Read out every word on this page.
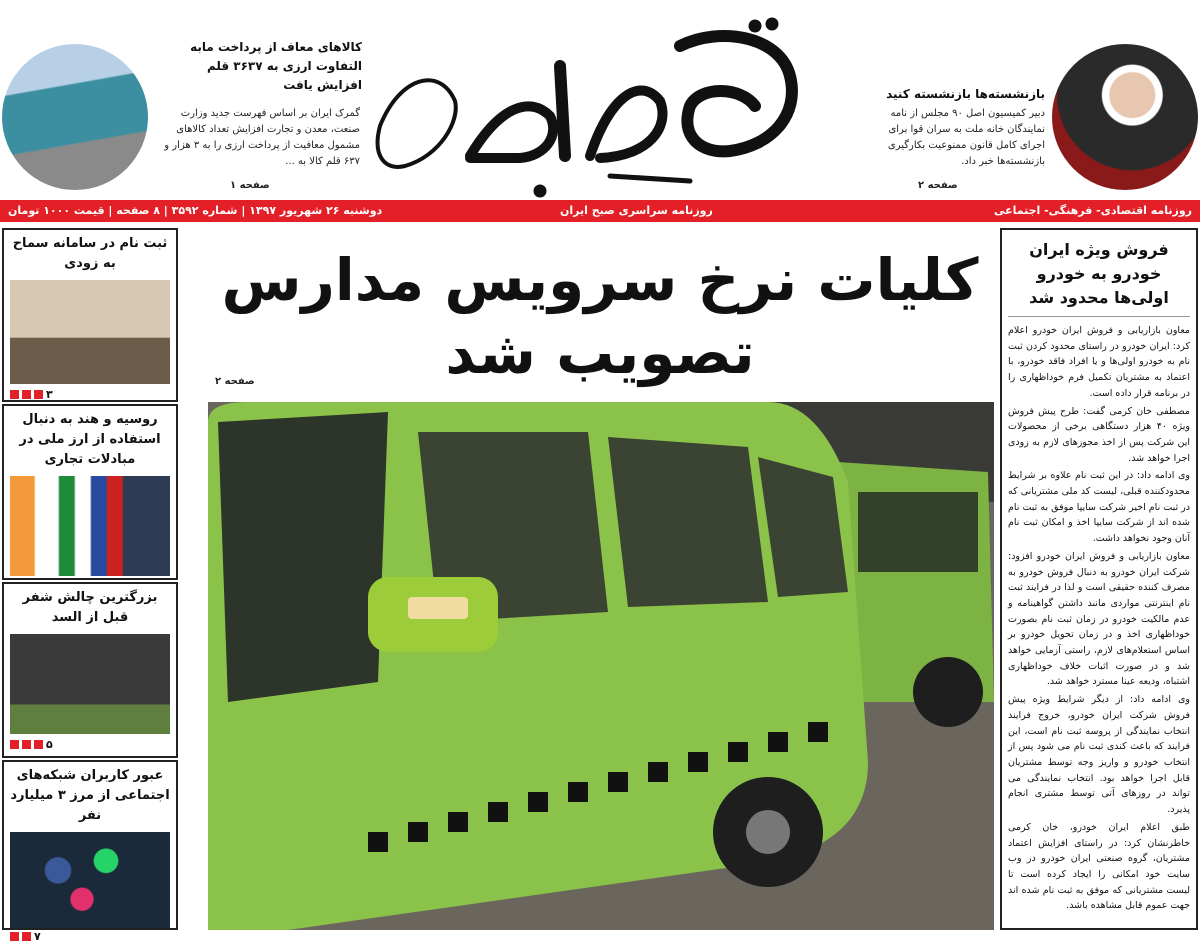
بازنشسته‌ها بازنشسته کنید
دبیر کمیسیون اصل ۹۰ مجلس از نامه نمایندگان خانه ملت به سران قوا برای اجرای کامل قانون ممنوعیت بکارگیری بازنشسته‌ها خبر داد.
صفحه ۲
کالاهای معاف از پرداخت مابه التفاوت ارزی به ۳۶۳۷ قلم افزایش یافت
گمرک ایران بر اساس فهرست جدید وزارت صنعت، معدن و تجارت افزایش تعداد کالاهای مشمول معافیت از پرداخت ارزی را به ۳ هزار و ۶۳۷ قلم کالا به ...
صفحه ۱
روزنامه اقتصادی- فرهنگی- اجتماعی
روزنامه سراسری صبح ایران
دوشنبه ۲۶ شهریور ۱۳۹۷ | شماره ۳۵۹۲ | ۸ صفحه | قیمت ۱۰۰۰ تومان
ثبت نام در سامانه سماح به زودی
۳
روسیه و هند به دنبال استفاده از ارز ملی در مبادلات تجاری
بزرگترین چالش شفر قبل از السد
۵
عبور کاربران شبکه‌های اجتماعی از مرز ۳ میلیارد نفر
۷
کلیات نرخ سرویس مدارس
تصویب شد
صفحه ۲
فروش ویژه ایران خودرو به خودرو اولی‌ها محدود شد

معاون بازاریابی و فروش ایران خودرو اعلام کرد: ایران خودرو در راستای محدود کردن ثبت نام به خودرو اولی‌ها و یا افراد فاقد خودرو، با اعتماد به مشتریان تکمیل فرم خوداظهاری را در برنامه قرار داده است.

مصطفی خان کرمی گفت: طرح پیش فروش ویژه ۴۰ هزار دستگاهی برخی از محصولات این شرکت پس از اخذ مجوزهای لازم به زودی اجرا خواهد شد.

وی ادامه داد: در این ثبت نام علاوه بر شرایط محدودکننده قبلی، لیست کد ملی مشتریانی که در ثبت نام اخیر شرکت سایپا موفق به ثبت نام شده اند از شرکت سایپا اخذ و امکان ثبت نام آنان وجود نخواهد داشت.

معاون بازاریابی و فروش ایران خودرو افزود: شرکت ایران خودرو به دنبال فروش خودرو به مصرف کننده حقیقی است و لذا در فرایند ثبت نام اینترنتی مواردی مانند داشتن گواهینامه و عدم مالکیت خودرو در زمان ثبت نام بصورت خوداظهاری اخذ و در زمان تحویل خودرو بر اساس استعلام‌های لازم، راستی آزمایی خواهد شد و در صورت اثبات خلاف خوداظهاری اشتباه، ودیعه عینا مسترد خواهد شد.

وی ادامه داد: از دیگر شرایط ویژه پیش فروش شرکت ایران خودرو، خروج فرایند انتخاب نمایندگی از پروسه ثبت نام است، این فرایند که باعث کندی ثبت نام می شود پس از انتخاب خودرو و واریز وجه توسط مشتریان قابل اجرا خواهد بود. انتخاب نمایندگی می تواند در روزهای آتی توسط مشتری انجام پذیرد.

طبق اعلام ایران خودرو، خان کرمی خاطرنشان کرد: در راستای افزایش اعتماد مشتریان، گروه صنعتی ایران خودرو در وب سایت خود امکانی را ایجاد کرده است تا لیست مشتریانی که موفق به ثبت نام شده اند جهت عموم قابل مشاهده باشد.
